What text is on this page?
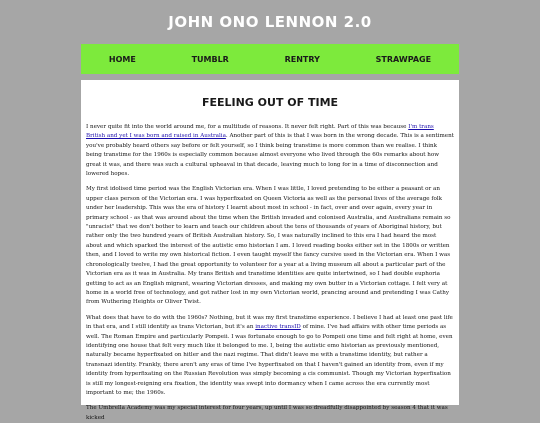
JOHN ONO LENNON 2.0
HOME	TUMBLR	RENTRY	STRAWPAGE
FEELING OUT OF TIME

I never quite fit into the world around me, for a multitude of reasons. It never felt right. Part of this was because I'm trans British and yet I was born and raised in Australia. Another part of this is that I was born in the wrong decade. This is a sentiment you've probably heard others say before or felt yourself, so I think being transtime is more common than we realise. I think being transtime for the 1960s is especially common because almost everyone who lived through the 60s remarks about how great it was, and there was such a cultural upheaval in that decade, leaving much to long for in a time of disconnection and lowered hopes.

My first idolised time period was the English Victorian era. When I was little, I loved pretending to be either a peasant or an upper class person of the Victorian era. I was hyperfixated on Queen Victoria as well as the personal lives of the average folk under her leadership. This was the era of history I learnt about most in school - in fact, over and over again, every year in primary school - as that was around about the time when the British invaded and colonised Australia, and Australians remain so "unracist" that we don't bother to learn and teach our children about the tens of thousands of years of Aboriginal history, but rather only the two hundred years of British Australian history. So, I was naturally inclined to this era I had heard the most about and which sparked the interest of the autistic emo historian I am. I loved reading books either set in the 1800s or written then, and I loved to write my own historical fiction. I even taught myself the fancy cursive used in the Victorian era. When I was chronologically twelve, I had the great opportunity to volunteer for a year at a living museum all about a particular part of the Victorian era as it was in Australia. My trans British and transtime identities are quite intertwined, so I had double euphoria getting to act as an English migrant, wearing Victorian dresses, and making my own butter in a Victorian cottage. I felt very at home in a world free of technology, and got rather lost in my own Victorian world, prancing around and pretending I was Cathy from Wuthering Heights or Oliver Twist.

What does that have to do with the 1960s? Nothing, but it was my first transtime experience. I believe I had at least one past life in that era, and I still identify as trans Victorian, but it's an inactive transID of mine. I've had affairs with other time periods as well. The Roman Empire and particularly Pompeii. I was fortunate enough to go to Pompeii one time and felt right at home, even identifying one house that felt very much like it belonged to me. I, being the autistic emo historian as previously mentioned, naturally became hyperfixated on hitler and the nazi regime. That didn't leave me with a transtime identity, but rather a transnazi identity. Frankly, there aren't any eras of time I've hyperfixated on that I haven't gained an identity from, even if my identity from hyperfixating on the Russian Revolution was simply becoming a cis communist. Though my Victorian hyperfixation is still my longest-reigning era fixation, the identity was swept into dormancy when I came across the era currently most important to me; the 1960s.

The Umbrella Academy was my special interest for four years, up until I was so dreadfully disappointed by season 4 that it was kicked
